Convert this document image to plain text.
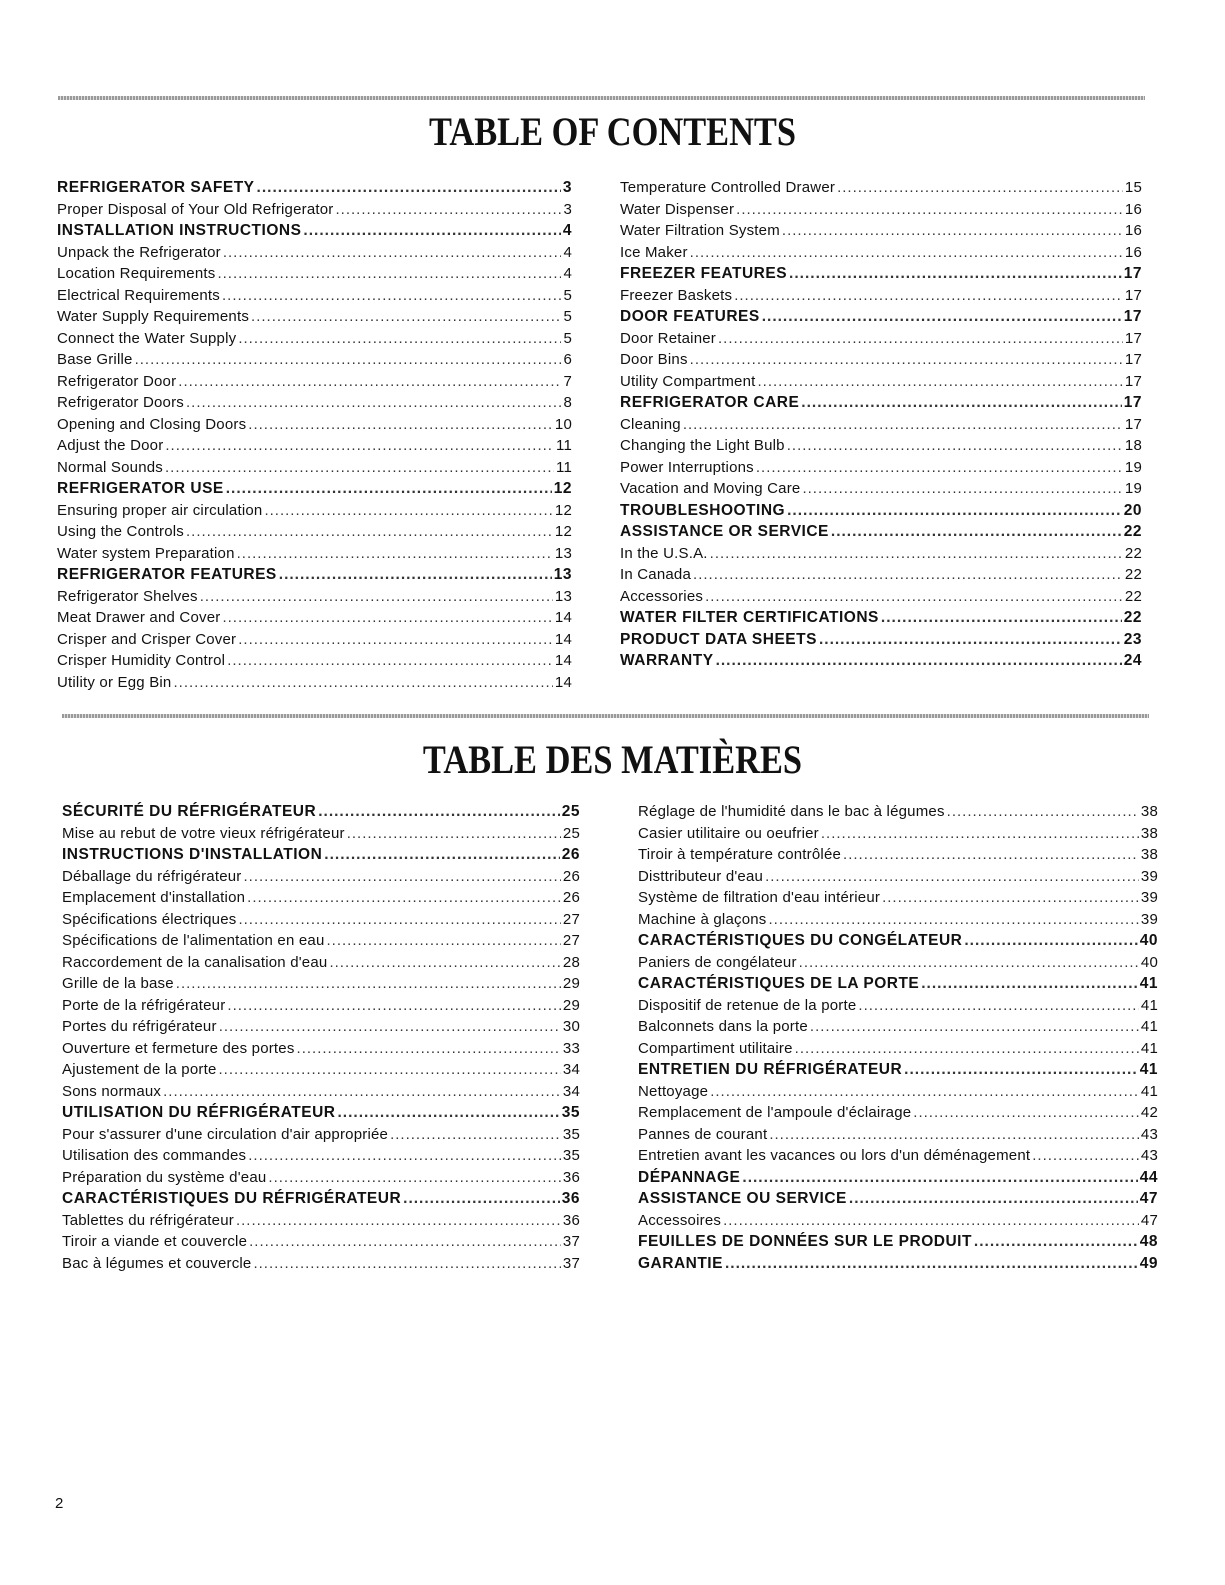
TABLE OF CONTENTS
REFRIGERATOR SAFETY .....	3
Proper Disposal of Your Old Refrigerator .....	3
INSTALLATION INSTRUCTIONS .....	4
Unpack the Refrigerator .....	4
Location Requirements .....	4
Electrical Requirements .....	5
Water Supply Requirements .....	5
Connect the Water Supply .....	5
Base Grille .....	6
Refrigerator Door .....	7
Refrigerator Doors .....	8
Opening and Closing Doors .....	10
Adjust the Door .....	11
Normal Sounds .....	11
REFRIGERATOR USE .....	12
Ensuring proper air circulation .....	12
Using the Controls .....	12
Water system Preparation .....	13
REFRIGERATOR FEATURES .....	13
Refrigerator Shelves .....	13
Meat Drawer and Cover .....	14
Crisper and Crisper Cover .....	14
Crisper Humidity Control .....	14
Utility or Egg Bin .....	14
Temperature Controlled Drawer .....	15
Water Dispenser .....	16
Water Filtration System .....	16
Ice Maker .....	16
FREEZER FEATURES .....	17
Freezer Baskets .....	17
DOOR FEATURES .....	17
Door Retainer .....	17
Door Bins .....	17
Utility Compartment .....	17
REFRIGERATOR CARE .....	17
Cleaning .....	17
Changing the Light Bulb .....	18
Power Interruptions .....	19
Vacation and Moving Care .....	19
TROUBLESHOOTING .....	20
ASSISTANCE OR SERVICE .....	22
In the U.S.A. .....	22
In Canada .....	22
Accessories .....	22
WATER FILTER CERTIFICATIONS .....	22
PRODUCT DATA SHEETS .....	23
WARRANTY .....	24
TABLE DES MATIÈRES
SÉCURITÉ DU RÉFRIGÉRATEUR .....	25
Mise au rebut de votre vieux réfrigérateur .....	25
INSTRUCTIONS D'INSTALLATION .....	26
Déballage du réfrigérateur .....	26
Emplacement d'installation .....	26
Spécifications électriques .....	27
Spécifications de l'alimentation en eau .....	27
Raccordement de la canalisation d'eau .....	28
Grille de la base .....	29
Porte de la réfrigérateur .....	29
Portes du réfrigérateur .....	30
Ouverture et fermeture des portes .....	33
Ajustement de la porte .....	34
Sons normaux .....	34
UTILISATION DU RÉFRIGÉRATEUR .....	35
Pour s'assurer d'une circulation d'air appropriée .....	35
Utilisation des commandes .....	35
Préparation du système d'eau .....	36
CARACTÉRISTIQUES DU RÉFRIGÉRATEUR .....	36
Tablettes du réfrigérateur .....	36
Tiroir a viande et couvercle .....	37
Bac à légumes et couvercle .....	37
Réglage de l'humidité dans le bac à légumes .....	38
Casier utilitaire ou oeufrier .....	38
Tiroir à température contrôlée .....	38
Disttributeur d'eau .....	39
Système de filtration d'eau intérieur .....	39
Machine à glaçons .....	39
CARACTÉRISTIQUES DU CONGÉLATEUR .....	40
Paniers de congélateur .....	40
CARACTÉRISTIQUES DE LA PORTE .....	41
Dispositif de retenue de la porte .....	41
Balconnets dans la porte .....	41
Compartiment utilitaire .....	41
ENTRETIEN DU RÉFRIGÉRATEUR .....	41
Nettoyage .....	41
Remplacement de l'ampoule d'éclairage .....	42
Pannes de courant .....	43
Entretien avant les vacances ou lors d'un déménagement .....	43
DÉPANNAGE .....	44
ASSISTANCE OU SERVICE .....	47
Accessoires .....	47
FEUILLES DE DONNÉES SUR LE PRODUIT .....	48
GARANTIE .....	49
2
